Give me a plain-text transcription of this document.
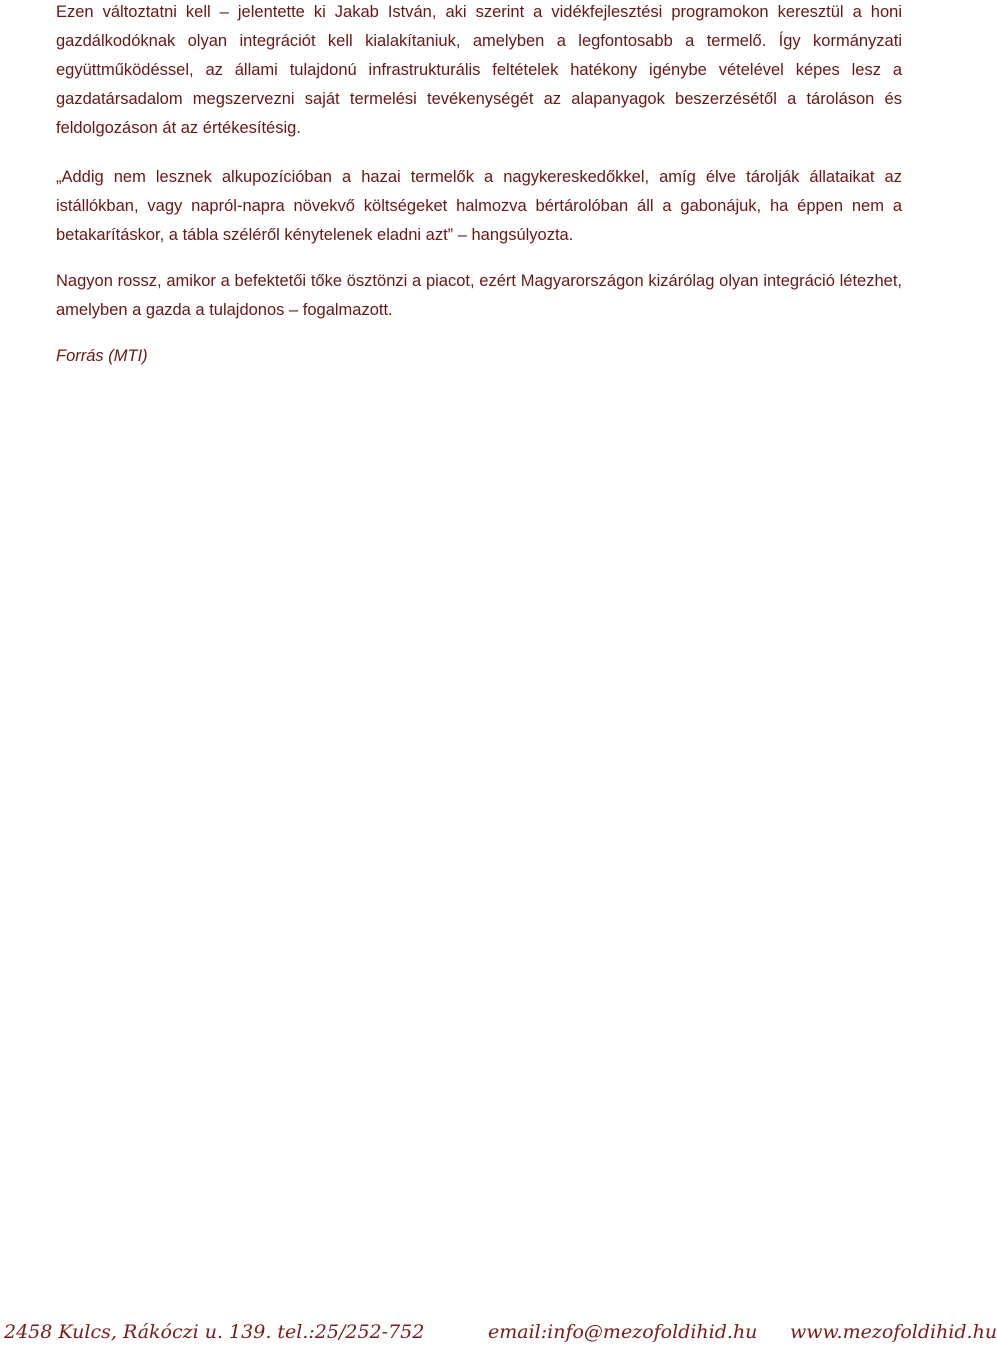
Ezen változtatni kell – jelentette ki Jakab István, aki szerint a vidékfejlesztési programokon keresztül a honi gazdálkodóknak olyan integrációt kell kialakítaniuk, amelyben a legfontosabb a termelő. Így kormányzati együttműködéssel, az állami tulajdonú infrastrukturális feltételek hatékony igénybe vételével képes lesz a gazdatársadalom megszervezni saját termelési tevékenységét az alapanyagok beszerzésétől a tároláson és feldolgozáson át az értékesítésig.

„Addig nem lesznek alkupozícióban a hazai termelők a nagykereskedőkkel, amíg élve tárolják állataikat az istállókban, vagy napról-napra növekvő költségeket halmozva bértárolóban áll a gabonájuk, ha éppen nem a betakarításkor, a tábla széléről kénytelenek eladni azt” – hangsúlyozta.

Nagyon rossz, amikor a befektetői tőke ösztönzi a piacot, ezért Magyarországon kizárólag olyan integráció létezhet, amelyben a gazda a tulajdonos – fogalmazott.

Forrás (MTI)

2458 Kulcs, Rákóczi u. 139. tel.:25/252-752	email:info@mezofoldihid.hu www.mezofoldihid.hu
